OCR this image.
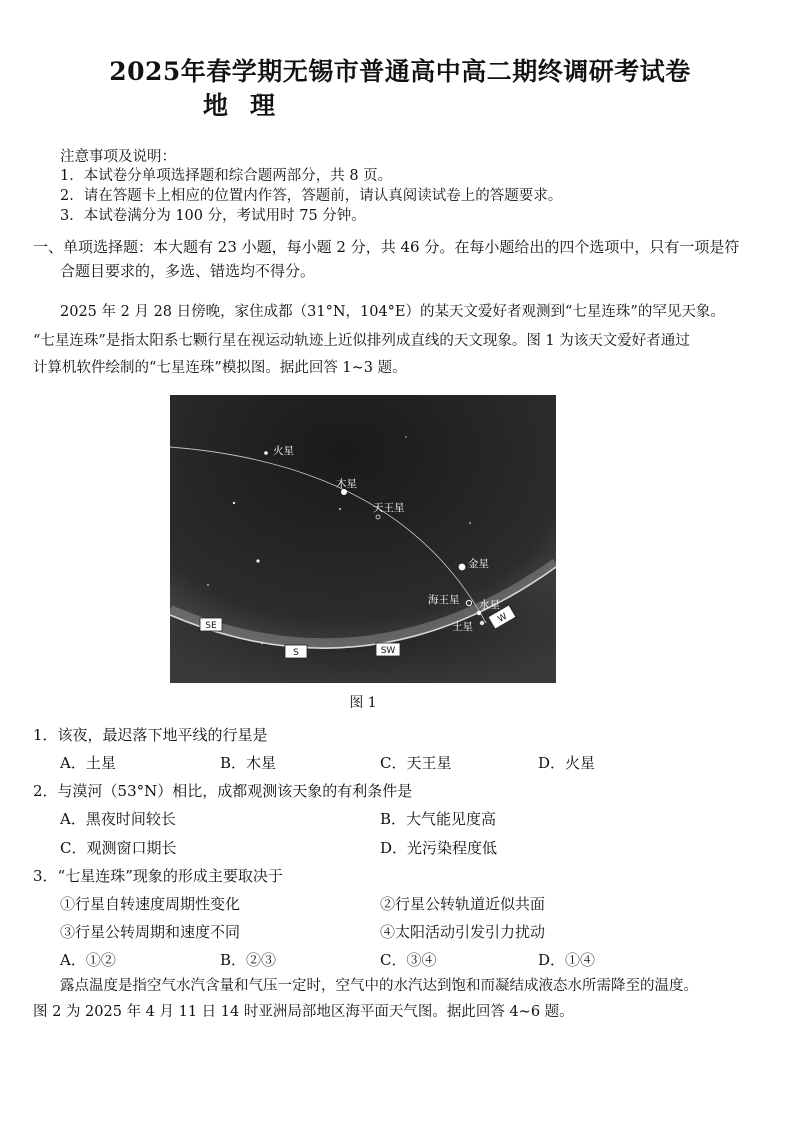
2025年春学期无锡市普通高中高二期终调研考试卷
地理
注意事项及说明：
1．本试卷分单项选择题和综合题两部分，共 8 页。
2．请在答题卡上相应的位置内作答，答题前，请认真阅读试卷上的答题要求。
3．本试卷满分为 100 分，考试用时 75 分钟。
一、单项选择题：本大题有 23 小题，每小题 2 分，共 46 分。在每小题给出的四个选项中，只有一项是符
合题目要求的，多选、错选均不得分。
2025 年 2 月 28 日傍晚，家住成都（31°N，104°E）的某天文爱好者观测到“七星连珠”的罕见天象。
“七星连珠”是指太阳系七颗行星在视运动轨迹上近似排列成直线的天文现象。图 1 为该天文爱好者通过
计算机软件绘制的“七星连珠”模拟图。据此回答 1~3 题。
火星
木星
天王星
金星
海王星 水星
土星
SE
S	SW
W
图 1
1．该夜，最迟落下地平线的行星是
A．土星	B．木星	C．天王星	D．火星
2．与漠河（53°N）相比，成都观测该天象的有利条件是
A．黑夜时间较长	B．大气能见度高
C．观测窗口期长	D．光污染程度低
3．“七星连珠”现象的形成主要取决于
①行星自转速度周期性变化	②行星公转轨道近似共面
③行星公转周期和速度不同	④太阳活动引发引力扰动
A．①②	B．②③	C．③④	D．①④
露点温度是指空气水汽含量和气压一定时，空气中的水汽达到饱和而凝结成液态水所需降至的温度。
图 2 为 2025 年 4 月 11 日 14 时亚洲局部地区海平面天气图。据此回答 4~6 题。
